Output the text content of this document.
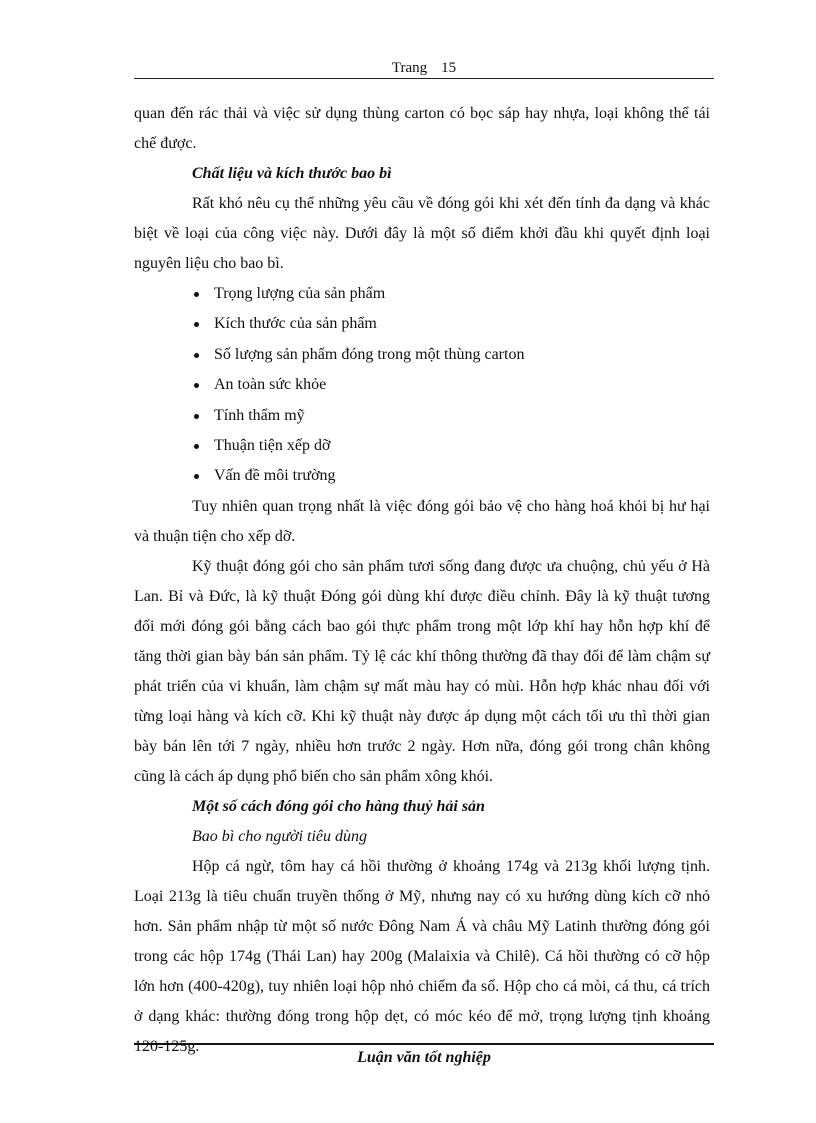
Trang 15

quan đến rác thải và việc sử dụng thùng carton có bọc sáp hay nhựa, loại không thể tái chế được.

Chất liệu và kích thước bao bì

Rất khó nêu cụ thể những yêu cầu về đóng gói khi xét đến tính đa dạng và khác biệt về loại của công việc này. Dưới đây là một số điểm khởi đầu khi quyết định loại nguyên liệu cho bao bì.

Trọng lượng của sản phẩm
Kích thước của sản phẩm
Số lượng sản phẩm đóng trong một thùng carton
An toàn sức khỏe
Tính thẩm mỹ
Thuận tiện xếp dỡ
Vấn đề môi trường

Tuy nhiên quan trọng nhất là việc đóng gói bảo vệ cho hàng hoá khỏi bị hư hại và thuận tiện cho xếp dỡ.

Kỹ thuật đóng gói cho sản phẩm tươi sống đang được ưa chuộng, chủ yếu ở Hà Lan. Bỉ và Đức, là kỹ thuật Đóng gói dùng khí được điều chỉnh. Đây là kỹ thuật tương đối mới đóng gói bằng cách bao gói thực phẩm trong một lớp khí hay hỗn hợp khí để tăng thời gian bày bán sản phẩm. Tỷ lệ các khí thông thường đã thay đổi để làm chậm sự phát triển của vi khuẩn, làm chậm sự mất màu hay có mùi. Hỗn hợp khác nhau đối với từng loại hàng và kích cỡ. Khi kỹ thuật này được áp dụng một cách tối ưu thì thời gian bày bán lên tới 7 ngày, nhiều hơn trước 2 ngày. Hơn nữa, đóng gói trong chân không cũng là cách áp dụng phổ biến cho sản phẩm xông khói.

Một số cách đóng gói cho hàng thuỷ hải sản

Bao bì cho người tiêu dùng

Hộp cá ngừ, tôm hay cá hồi thường ở khoảng 174g và 213g khối lượng tịnh. Loại 213g là tiêu chuẩn truyền thống ở Mỹ, nhưng nay có xu hướng dùng kích cỡ nhỏ hơn. Sản phẩm nhập từ một số nước Đông Nam Á và châu Mỹ Latinh thường đóng gói trong các hộp 174g (Thái Lan) hay 200g (Malaixia và Chilê). Cá hồi thường có cỡ hộp lớn hơn (400-420g), tuy nhiên loại hộp nhỏ chiếm đa số. Hộp cho cá mòi, cá thu, cá trích ở dạng khác: thường đóng trong hộp dẹt, có móc kéo để mở, trọng lượng tịnh khoảng 120-125g.

Luận văn tốt nghiệp
